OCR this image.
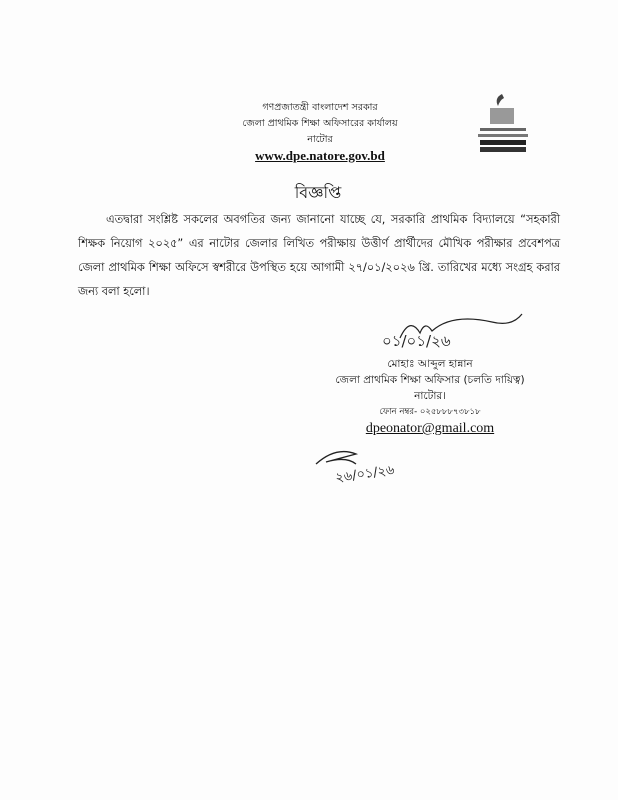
গণপ্রজাতন্ত্রী বাংলাদেশ সরকার
জেলা প্রাথমিক শিক্ষা অফিসারের কার্যালয়
নাটোর
www.dpe.natore.gov.bd
বিজ্ঞপ্তি

এতদ্বারা সংশ্লিষ্ট সকলের অবগতির জন্য জানানো যাচ্ছে যে, সরকারি প্রাথমিক বিদ্যালয়ে “সহকারী শিক্ষক নিয়োগ ২০২৫” এর নাটোর জেলার লিখিত পরীক্ষায় উত্তীর্ণ প্রার্থীদের মৌখিক পরীক্ষার প্রবেশপত্র জেলা প্রাথমিক শিক্ষা অফিসে স্বশরীরে উপস্থিত হয়ে আগামী ২৭/০১/২০২৬ খ্রি. তারিখের মধ্যে সংগ্রহ করার জন্য বলা হলো।

০১/০১/২৬
মোহাঃ আব্দুল হান্নান
জেলা প্রাথমিক শিক্ষা অফিসার (চলতি দায়িত্ব)
নাটোর।
ফোন নম্বর- ০২৫৮৮৮৭৩৮১৮
dpeonator@gmail.com
২৬/০১/২৬
